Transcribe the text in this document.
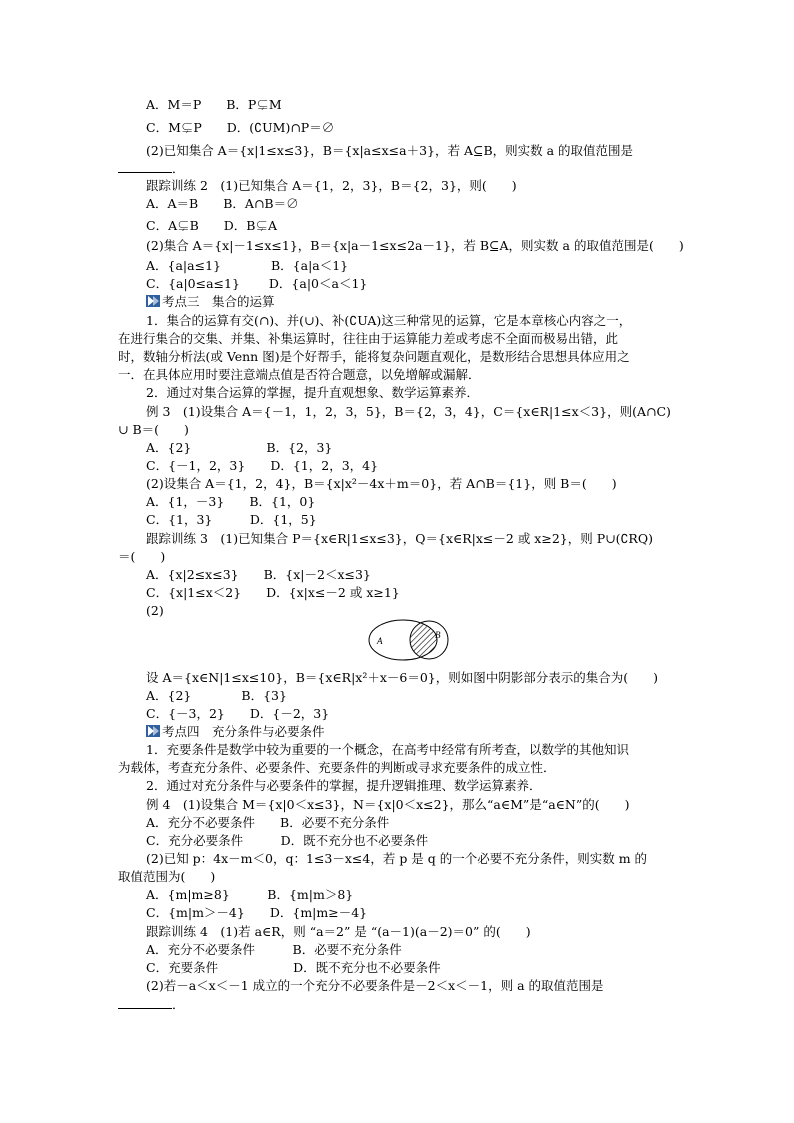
A．M＝P　　B．P⊊M
C．M⊊P　　D．(∁UM)∩P＝∅
(2)已知集合 A＝{x|1≤x≤3}，B＝{x|a≤x≤a＋3}，若 A⊆B，则实数 a 的取值范围是
．
跟踪训练 2　(1)已知集合 A＝{1，2，3}，B＝{2，3}，则(　　)
A．A＝B　　B．A∩B＝∅
C．A⊊B　　D．B⊊A
(2)集合 A＝{x|－1≤x≤1}，B＝{x|a－1≤x≤2a－1}，若 B⊆A，则实数 a 的取值范围是(　　)
A．{a|a≤1}　　　　B．{a|a＜1}
C．{a|0≤a≤1}　　 D．{a|0＜a＜1}
考点三　集合的运算
1．集合的运算有交(∩)、并(∪)、补(∁UA)这三种常见的运算，它是本章核心内容之一，
在进行集合的交集、并集、补集运算时，往往由于运算能力差或考虑不全面而极易出错，此
时，数轴分析法(或 Venn 图)是个好帮手，能将复杂问题直观化，是数形结合思想具体应用之
一．在具体应用时要注意端点值是否符合题意，以免增解或漏解．
2．通过对集合运算的掌握，提升直观想象、数学运算素养．
例 3　(1)设集合 A＝{－1，1，2，3，5}，B＝{2，3，4}，C＝{x∈R|1≤x＜3}，则(A∩C)
∪ B＝(　　)
A．{2}　　　　　　B．{2，3}
C．{－1，2，3}　　D．{1，2，3，4}
(2)设集合 A＝{1，2，4}，B＝{x|x²－4x＋m＝0}，若 A∩B＝{1}，则 B＝(　　)
A．{1，－3}　　B．{1，0}
C．{1，3}　　　D．{1，5}
跟踪训练 3　(1)已知集合 P＝{x∈R|1≤x≤3}，Q＝{x∈R|x≤－2 或 x≥2}，则 P∪(∁RQ)
＝(　　)
A．{x|2≤x≤3}　　B．{x|－2＜x≤3}
C．{x|1≤x＜2}　　D．{x|x≤－2 或 x≥1}
(2)
A
B
设 A＝{x∈N|1≤x≤10}，B＝{x∈R|x²＋x－6＝0}，则如图中阴影部分表示的集合为(　　)
A．{2}　　　　B．{3}
C．{－3，2}　　D．{－2，3}
考点四　充分条件与必要条件
1．充要条件是数学中较为重要的一个概念，在高考中经常有所考查，以数学的其他知识
为载体，考查充分条件、必要条件、充要条件的判断或寻求充要条件的成立性．
2．通过对充分条件与必要条件的掌握，提升逻辑推理、数学运算素养．
例 4　(1)设集合 M＝{x|0＜x≤3}，N＝{x|0＜x≤2}，那么“a∈M”是“a∈N”的(　　)
A．充分不必要条件　　B．必要不充分条件
C．充分必要条件　　　D．既不充分也不必要条件
(2)已知 p：4x－m＜0，q：1≤3－x≤4，若 p 是 q 的一个必要不充分条件，则实数 m 的
取值范围为(　　)
A．{m|m≥8}　　　B．{m|m＞8}
C．{m|m＞－4}　　D．{m|m≥－4}
跟踪训练 4　(1)若 a∈R，则 “a＝2” 是 “(a－1)(a－2)＝0” 的(　　)
A．充分不必要条件　　　B．必要不充分条件
C．充要条件　　　　　　D．既不充分也不必要条件
(2)若－a＜x＜－1 成立的一个充分不必要条件是－2＜x＜－1，则 a 的取值范围是
．
